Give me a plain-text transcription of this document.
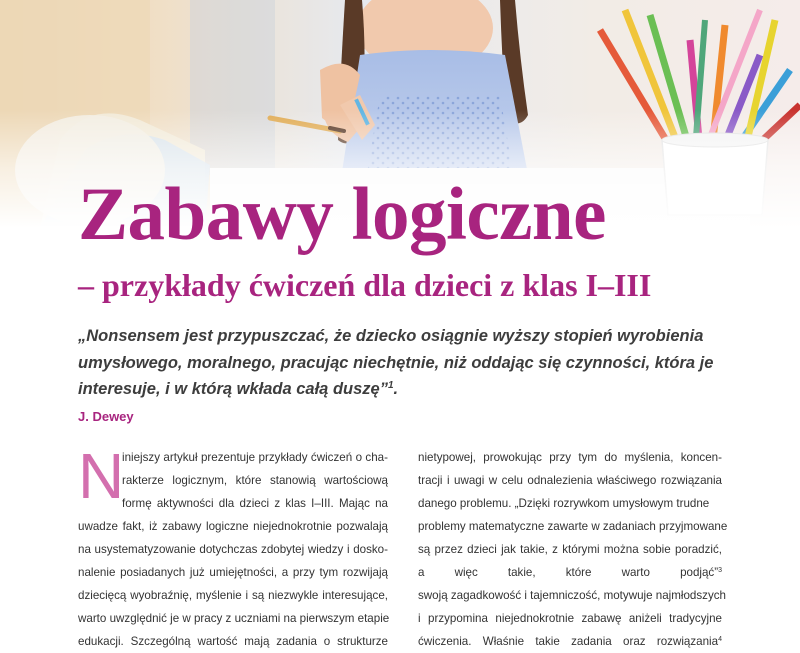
Zabawy logiczne
– przykłady ćwiczeń dla dzieci z klas I–III

„Nonsensem jest przypuszczać, że dziecko osiągnie wyższy stopień wyrobienia umysłowego, moralnego, pracując niechętnie, niż oddając się czynności, która je interesuje, i w którą wkłada całą duszę”$^1$.

J. Dewey

N
iniejszy artykuł prezentuje przykłady ćwiczeń o cha-
rakterze logicznym, które stanowią wartościową
formę aktywności dla dzieci z klas I–III. Mając na
uwadze fakt, iż zabawy logiczne niejednokrotnie pozwalają
na usystematyzowanie dotychczas zdobytej wiedzy i dosko-
nalenie posiadanych już umiejętności, a przy tym rozwijają
dziecięcą wyobraźnię, myślenie i są niezwykle interesujące,
warto uwzględnić je w pracy z uczniami na pierwszym etapie
edukacji. Szczególną wartość mają zadania o strukturze
nietypowej, prowokując przy tym do myślenia, koncen-
tracji i uwagi w celu odnalezienia właściwego rozwiązania
danego problemu. „Dzięki rozrywkom umysłowym trudne
problemy matematyczne zawarte w zadaniach przyjmowane
są przez dzieci jak takie, z którymi można sobie poradzić,
a więc takie, które warto podjąć”$^3$
swoją zagadkowość i tajemniczość, motywuje najmłodszych
i przypomina niejednokrotnie zabawę aniżeli tradycyjne
ćwiczenia. Właśnie takie zadania oraz rozwiązania$^4$
